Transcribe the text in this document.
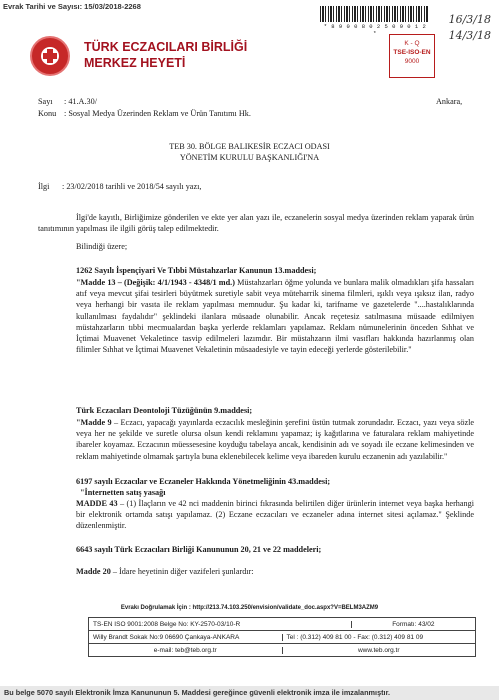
Evrak Tarihi ve Sayısı: 15/03/2018-2268
16/3/18
14/3/18
* 8 9 0 0 8 0 2 5 0 9 0 1 2 *
TÜRK ECZACILARI BİRLİĞİ
MERKEZ HEYETİ
K - Q
TSE-ISO-EN
9000
Sayı : 41.A.30/	Ankara,
Konu : Sosyal Medya Üzerinden Reklam ve Ürün Tanıtımı Hk.
TEB 30. BÖLGE BALIKESİR ECZACI ODASI
YÖNETİM KURULU BAŞKANLIĞI'NA
İlgi : 23/02/2018 tarihli ve 2018/54 sayılı yazı,
İlgi'de kayıtlı, Birliğimize gönderilen ve ekte yer alan yazı ile, eczanelerin sosyal medya üzerinden reklam yaparak ürün tanıtımının yapılması ile ilgili görüş talep edilmektedir.
Bilindiği üzere;
1262 Sayılı İspençiyari Ve Tıbbi Müstahzarlar Kanunun 13.maddesi;
"Madde 13 – (Değişik: 4/1/1943 - 4348/1 md.) Müstahzarları öğme yolunda ve bunlara malik olmadıkları şifa hassaları atıf veya mevcut şifai tesirleri büyütmek suretiyle sabit veya müteharrik sinema filmleri, ışıklı veya ışıksız ilan, radyo veya herhangi bir vasıta ile reklam yapılması memnudur. Şu kadar ki, tarifname ve gazetelerde "....hastalıklarında kullanılması faydalıdır" şeklindeki ilanlara müsaade olunabilir. Ancak reçetesiz satılmasına müsaade edilmiyen müstahzarların tıbbi mecmualardan başka yerlerde reklamları yapılamaz. Reklam nümunelerinin önceden Sıhhat ve İçtimai Muavenet Vekaletince tasvip edilmeleri lazımdır. Bir müstahzarın ilmi vasıfları hakkında hazırlanmış olan filimler Sıhhat ve İçtimai Muavenet Vekaletinin müsaadesiyle ve tayin edeceği yerlerde gösterilebilir."
Türk Eczacıları Deontoloji Tüzüğünün 9.maddesi;
"Madde 9 – Eczacı, yapacağı yayınlarda eczacılık mesleğinin şerefini üstün tutmak zorundadır. Eczacı, yazı veya sözle veya her ne şekilde ve suretle olursa olsun kendi reklamını yapamaz; iş kağıtlarına ve faturalara reklam mahiyetinde ibareler koyamaz. Eczacının müessesesine koyduğu tabelaya ancak, kendisinin adı ve soyadı ile eczane kelimesinden ve reklam mahiyetinde olmamak şartıyla buna eklenebilecek kelime veya ibareden kurulu eczanenin adı yazılabilir."
6197 sayılı Eczacılar ve Eczaneler Hakkında Yönetmeliğinin 43.maddesi;
"İnternetten satış yasağı
MADDE 43 – (1) İlaçların ve 42 nci maddenin birinci fıkrasında belirtilen diğer ürünlerin internet veya başka herhangi bir elektronik ortamda satışı yapılamaz. (2) Eczane eczacıları ve eczaneler adına internet sitesi açılamaz." Şeklinde düzenlenmiştir.
6643 sayılı Türk Eczacıları Birliği Kanununun 20, 21 ve 22 maddeleri;
Madde 20 – İdare heyetinin diğer vazifeleri şunlardır:
Evrakı Doğrulamak İçin : http://213.74.103.250/envision/validate_doc.aspx?V=BELM3AZM9
TS-EN ISO 9001:2008 Belge No: KY-2570-03/10-R	Formatı: 43/02
Willy Brandt Sokak No:9 06690 Çankaya-ANKARA	Tel : (0.312) 409 81 00 - Fax: (0.312) 409 81 09
e-mail: teb@teb.org.tr	www.teb.org.tr
Bu belge 5070 sayılı Elektronik İmza Kanununun 5. Maddesi gereğince güvenli elektronik imza ile imzalanmıştır.
